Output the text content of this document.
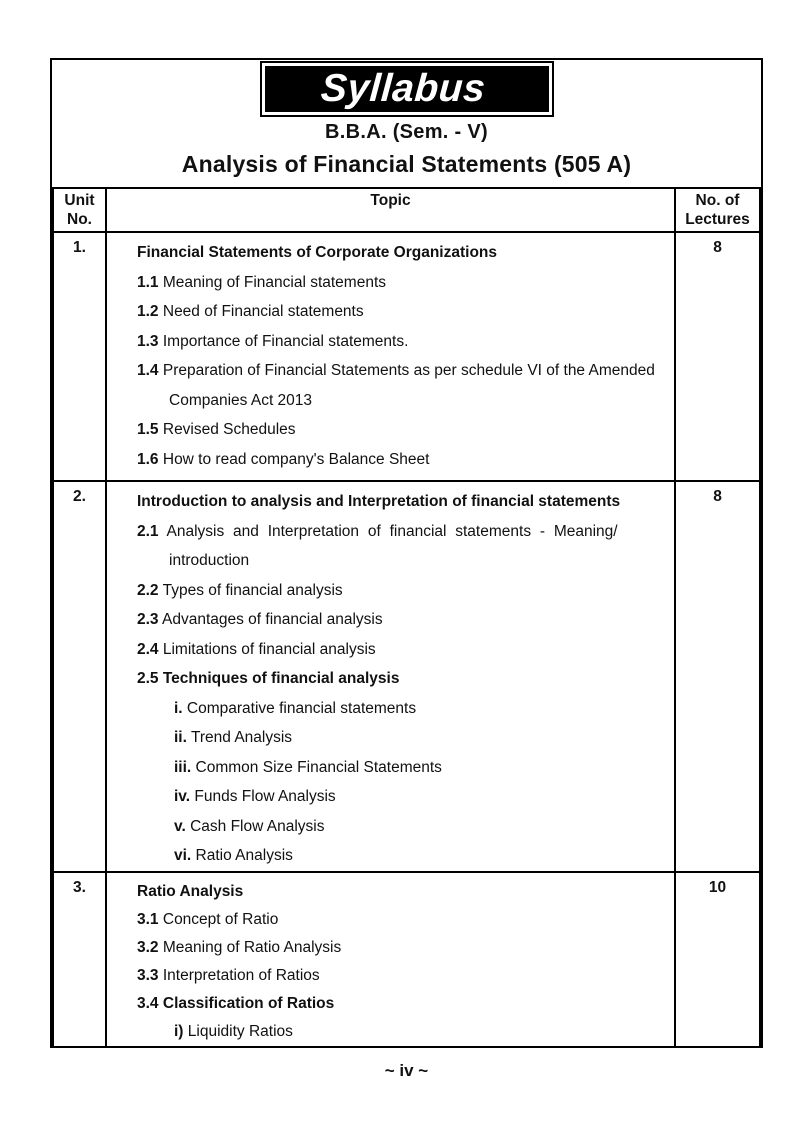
Syllabus
B.B.A. (Sem. - V)
Analysis of Financial Statements (505 A)
Unit
No.	Topic	No. of
Lectures
1.	Financial Statements of Corporate Organizations
1.1 Meaning of Financial statements
1.2 Need of Financial statements
1.3 Importance of Financial statements.
1.4 Preparation of Financial Statements as per schedule VI of the Amended
Companies Act 2013
1.5 Revised Schedules
1.6 How to read company's Balance Sheet
	8
2.	Introduction to analysis and Interpretation of financial statements
2.1 Analysis and Interpretation of financial statements - Meaning/
introduction
2.2 Types of financial analysis
2.3 Advantages of financial analysis
2.4 Limitations of financial analysis
2.5 Techniques of financial analysis
i. Comparative financial statements
ii. Trend Analysis
iii. Common Size Financial Statements
iv. Funds Flow Analysis
v. Cash Flow Analysis
vi. Ratio Analysis
	8
3.	Ratio Analysis
3.1 Concept of Ratio
3.2 Meaning of Ratio Analysis
3.3 Interpretation of Ratios
3.4 Classification of Ratios
i) Liquidity Ratios
	10
~ iv ~
